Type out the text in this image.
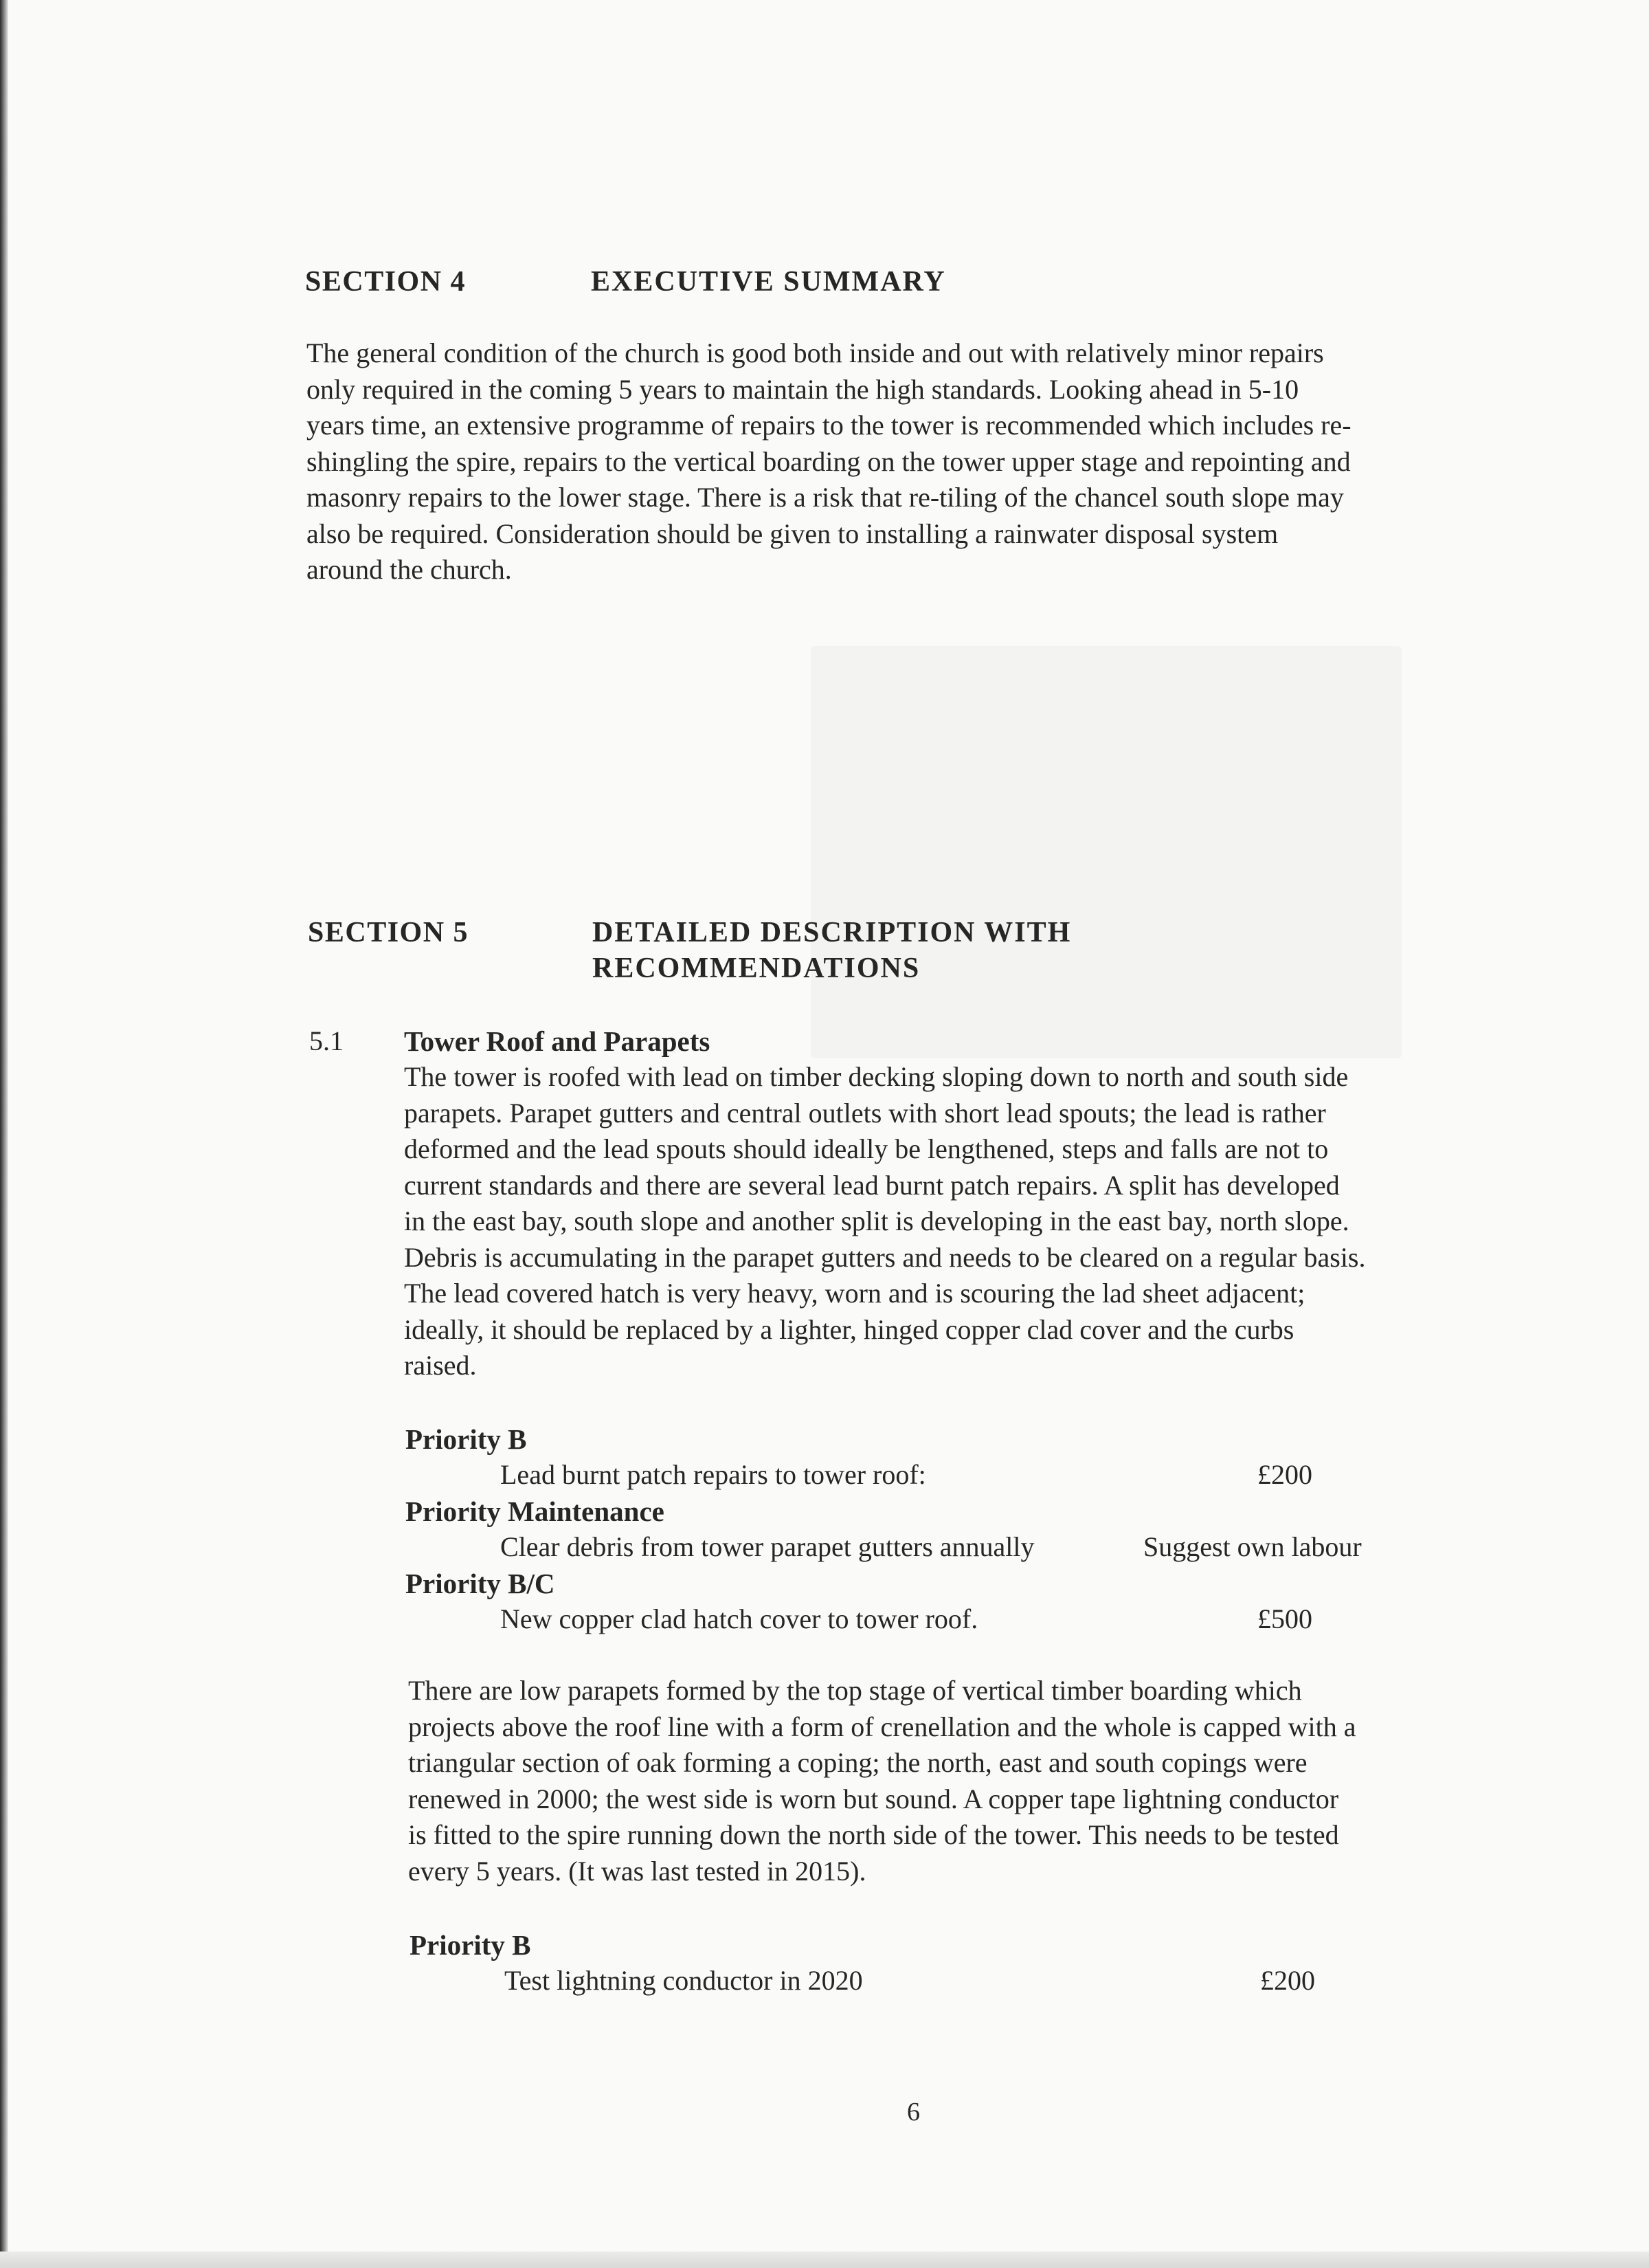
SECTION 4	EXECUTIVE SUMMARY
The general condition of the church is good both inside and out with relatively minor repairs
only required in the coming 5 years to maintain the high standards. Looking ahead in 5-10
years time, an extensive programme of repairs to the tower is recommended which includes re-
shingling the spire, repairs to the vertical boarding on the tower upper stage and repointing and
masonry repairs to the lower stage. There is a risk that re-tiling of the chancel south slope may
also be required. Consideration should be given to installing a rainwater disposal system
around the church.
SECTION 5	DETAILED DESCRIPTION WITH
RECOMMENDATIONS
5.1 Tower Roof and Parapets
The tower is roofed with lead on timber decking sloping down to north and south side
parapets. Parapet gutters and central outlets with short lead spouts; the lead is rather
deformed and the lead spouts should ideally be lengthened, steps and falls are not to
current standards and there are several lead burnt patch repairs. A split has developed
in the east bay, south slope and another split is developing in the east bay, north slope.
Debris is accumulating in the parapet gutters and needs to be cleared on a regular basis.
The lead covered hatch is very heavy, worn and is scouring the lad sheet adjacent;
ideally, it should be replaced by a lighter, hinged copper clad cover and the curbs
raised.
Priority B
Lead burnt patch repairs to tower roof:	£200
Priority Maintenance
Clear debris from tower parapet gutters annually	Suggest own labour
Priority B/C
New copper clad hatch cover to tower roof.	£500
There are low parapets formed by the top stage of vertical timber boarding which
projects above the roof line with a form of crenellation and the whole is capped with a
triangular section of oak forming a coping; the north, east and south copings were
renewed in 2000; the west side is worn but sound. A copper tape lightning conductor
is fitted to the spire running down the north side of the tower. This needs to be tested
every 5 years. (It was last tested in 2015).
Priority B
Test lightning conductor in 2020	£200
6
